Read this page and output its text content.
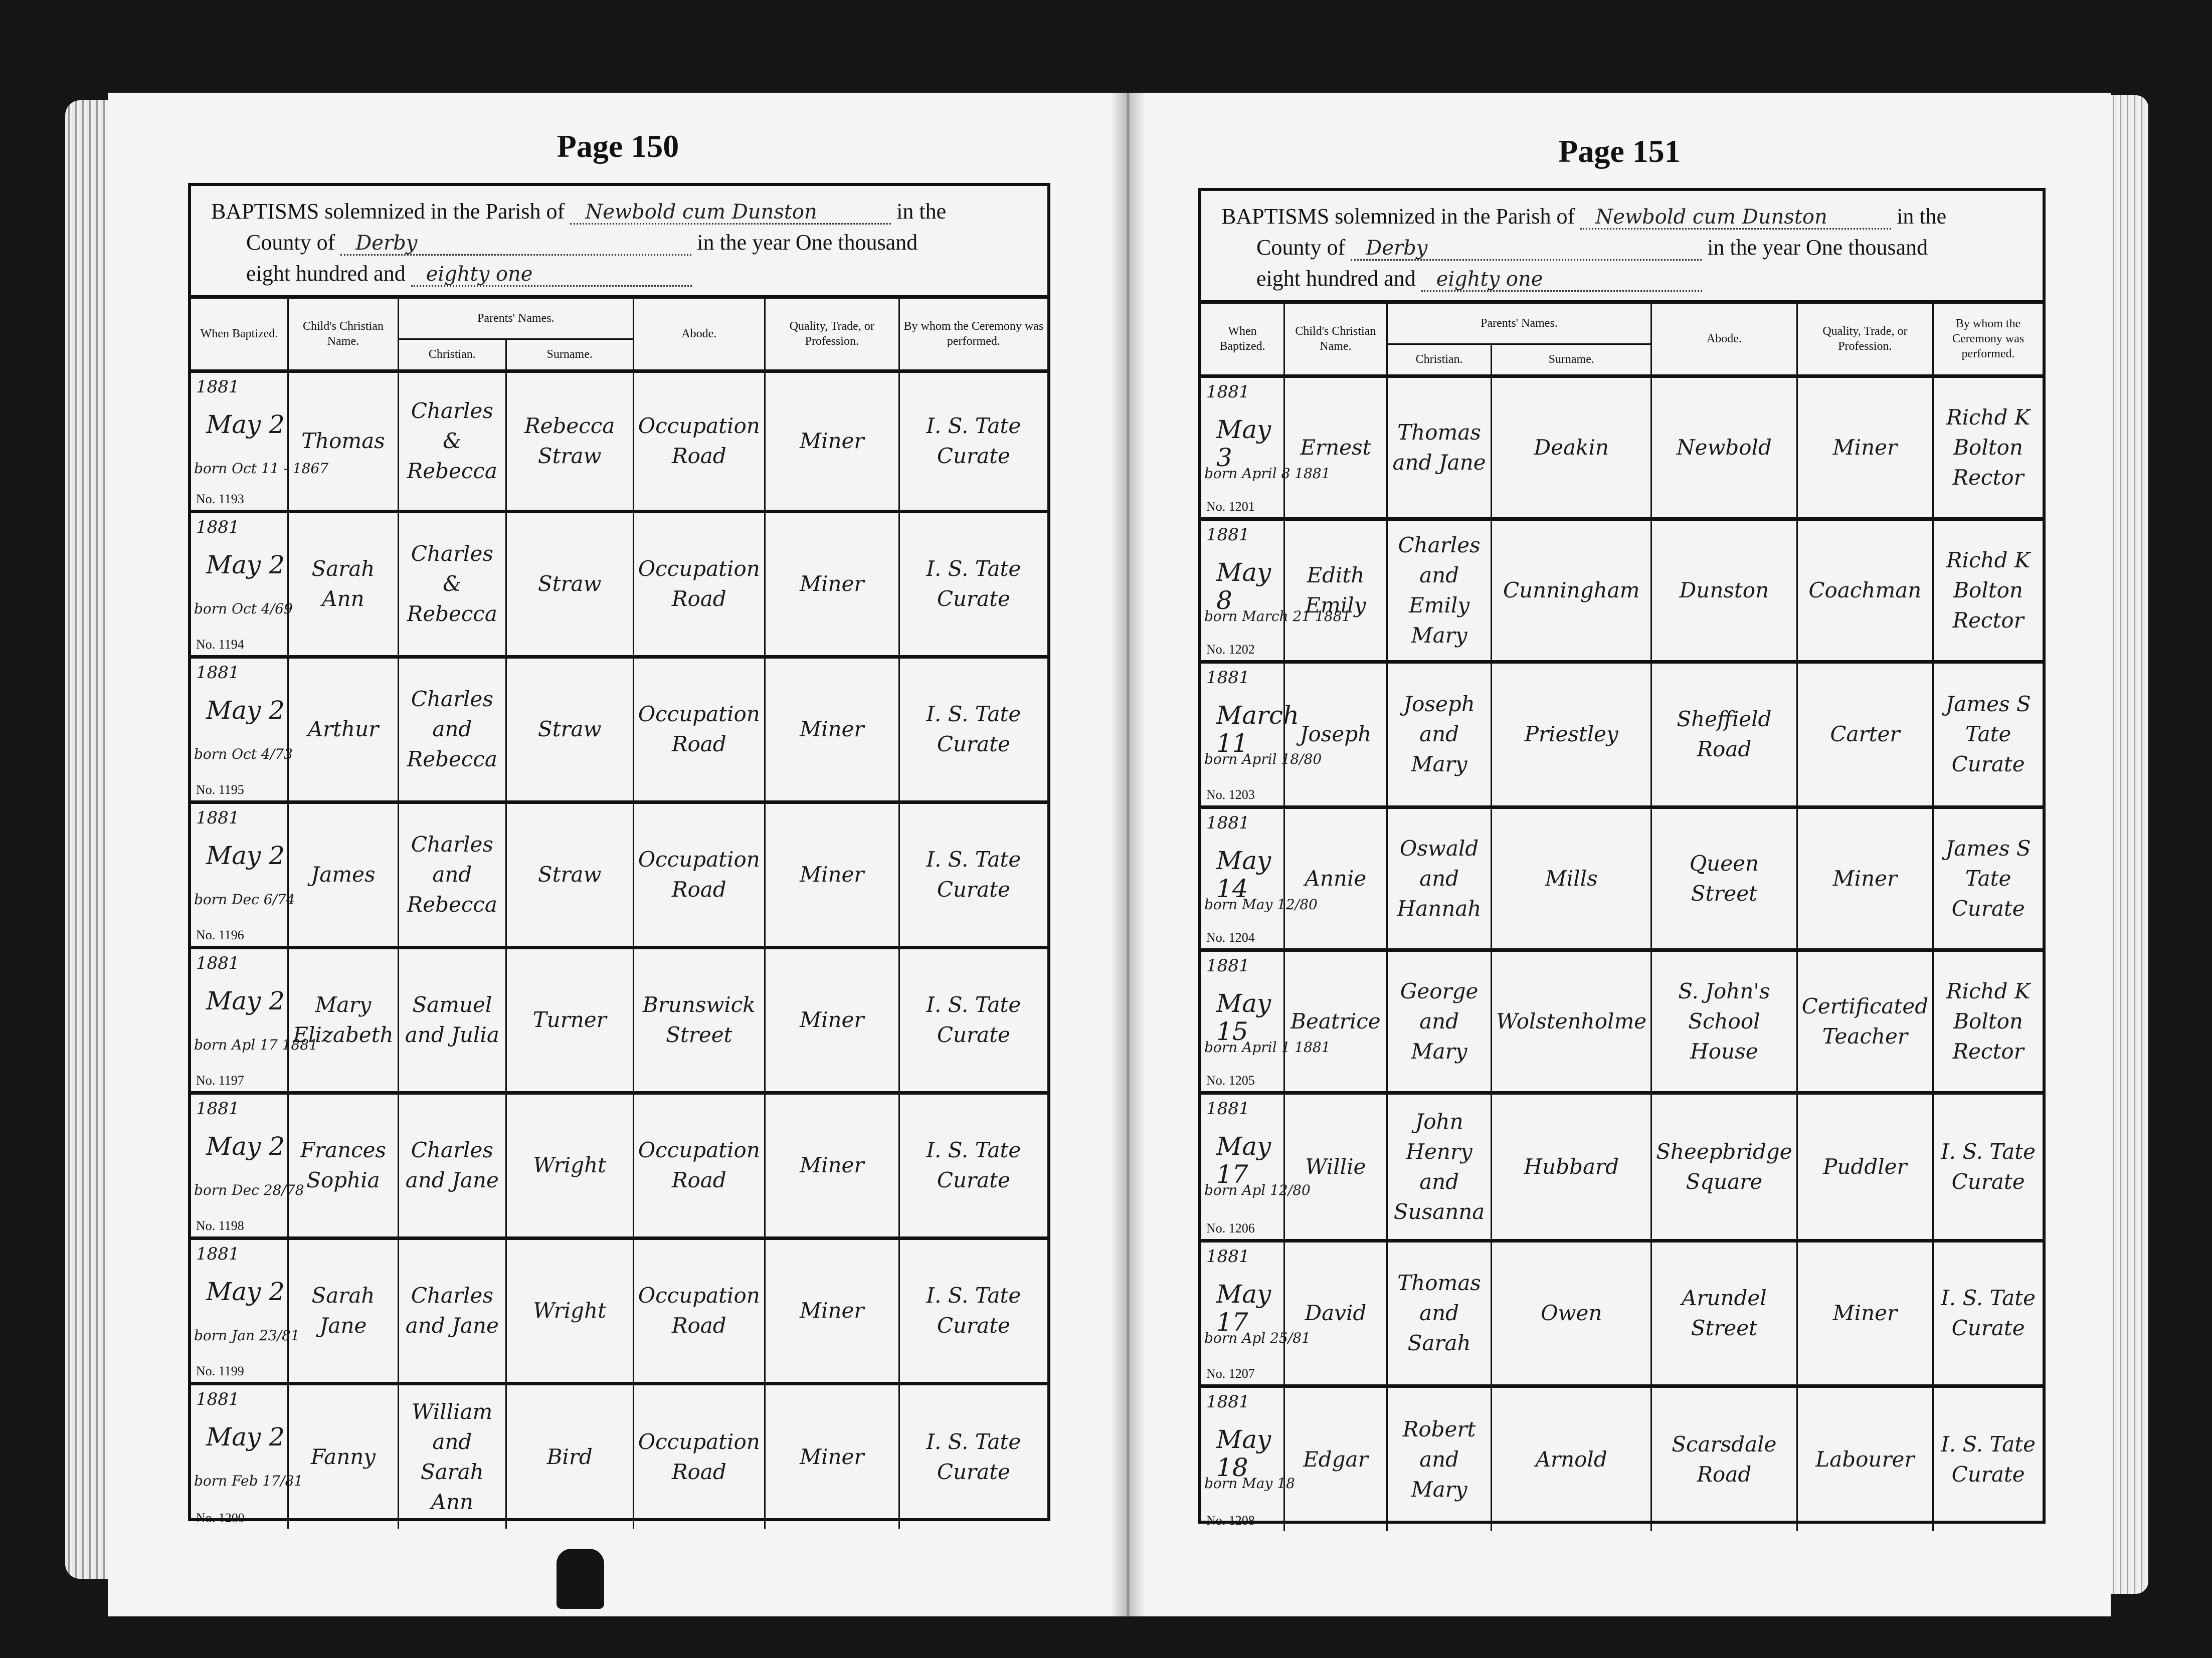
Page 150
BAPTISMS solemnized in the Parish of Newbold cum Dunston	in the
County of Derby	in the year One thousand
eight hundred and eighty one
When Baptized.	Child's Christian Name.	Parents' Names.		Abode.	Quality, Trade, or Profession.	By whom the Ceremony was performed.
		Christian.	Surname.			

1881
May 2
born Oct 11 - 1867
No. 1193	Thomas	Charles & Rebecca	Rebecca Straw	Occupation Road	Miner	I. S. Tate Curate

1881
May 2
born Oct 4/69
No. 1194	Sarah Ann	Charles & Rebecca	Straw	Occupation Road	Miner	I. S. Tate Curate

1881
May 2
born Oct 4/73
No. 1195	Arthur	Charles and Rebecca	Straw	Occupation Road	Miner	I. S. Tate Curate

1881
May 2
born Dec 6/74
No. 1196	James	Charles and Rebecca	Straw	Occupation Road	Miner	I. S. Tate Curate

1881
May 2
born Apl 17 1881
No. 1197	Mary Elizabeth	Samuel and Julia	Turner	Brunswick Street	Miner	I. S. Tate Curate

1881
May 2
born Dec 28/78
No. 1198	Frances Sophia	Charles and Jane	Wright	Occupation Road	Miner	I. S. Tate Curate

1881
May 2
born Jan 23/81
No. 1199	Sarah Jane	Charles and Jane	Wright	Occupation Road	Miner	I. S. Tate Curate

1881
May 2
born Feb 17/81
No. 1200	Fanny	William and Sarah Ann	Bird	Occupation Road	Miner	I. S. Tate Curate
Page 151
BAPTISMS solemnized in the Parish of Newbold cum Dunston	in the
County of Derby	in the year One thousand
eight hundred and eighty one
When Baptized.	Child's Christian Name.	Parents' Names.		Abode.	Quality, Trade, or Profession.	By whom the Ceremony was performed.
		Christian.	Surname.			

1881
May 3
born April 8 1881
No. 1201	Ernest	Thomas and Jane	Deakin	Newbold	Miner	Richd K Bolton Rector

1881
May 8
born March 21 1881
No. 1202	Edith Emily	Charles and Emily Mary	Cunningham	Dunston	Coachman	Richd K Bolton Rector

1881
March 11
born April 18/80
No. 1203	Joseph	Joseph and Mary	Priestley	Sheffield Road	Carter	James S Tate Curate

1881
May 14
born May 12/80
No. 1204	Annie	Oswald and Hannah	Mills	Queen Street	Miner	James S Tate Curate

1881
May 15
born April 1 1881
No. 1205	Beatrice	George and Mary	Wolstenholme	S. John's School House	Certificated Teacher	Richd K Bolton Rector

1881
May 17
born Apl 12/80
No. 1206	Willie	John Henry and Susanna	Hubbard	Sheepbridge Square	Puddler	I. S. Tate Curate

1881
May 17
born Apl 25/81
No. 1207	David	Thomas and Sarah	Owen	Arundel Street	Miner	I. S. Tate Curate

1881
May 18
born May 18
No. 1208	Edgar	Robert and Mary	Arnold	Scarsdale Road	Labourer	I. S. Tate Curate
